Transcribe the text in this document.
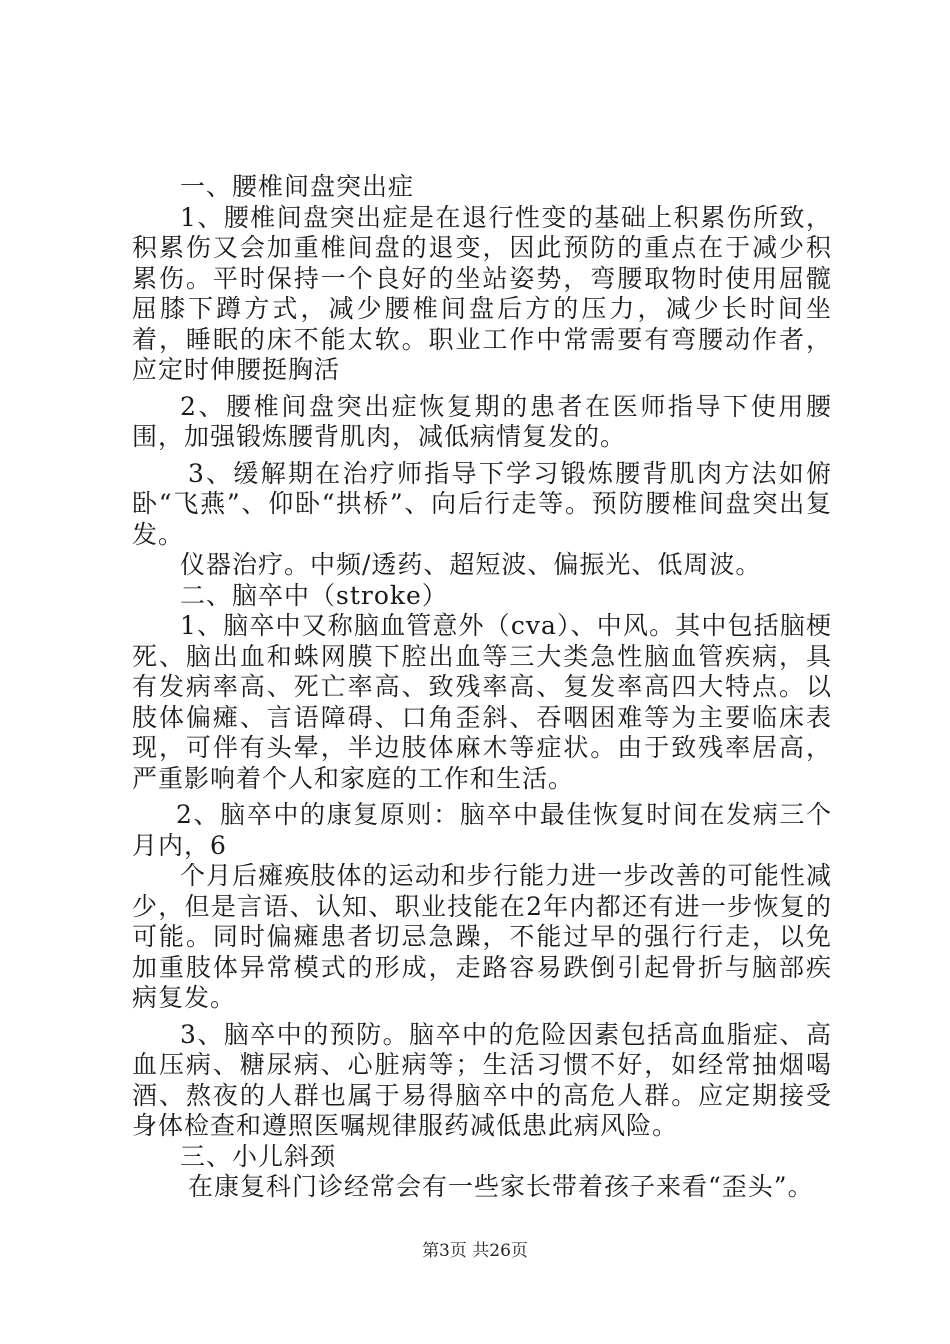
一、腰椎间盘突出症

1、腰椎间盘突出症是在退行性变的基础上积累伤所致，积累伤又会加重椎间盘的退变，因此预防的重点在于减少积累伤。平时保持一个良好的坐站姿势，弯腰取物时使用屈髋屈膝下蹲方式，减少腰椎间盘后方的压力，减少长时间坐着，睡眠的床不能太软。职业工作中常需要有弯腰动作者，应定时伸腰挺胸活

2、腰椎间盘突出症恢复期的患者在医师指导下使用腰围，加强锻炼腰背肌肉，减低病情复发的。

3、缓解期在治疗师指导下学习锻炼腰背肌肉方法如俯卧“飞燕”、仰卧“拱桥”、向后行走等。预防腰椎间盘突出复发。

仪器治疗。中频/透药、超短波、偏振光、低周波。

二、脑卒中（stroke）

1、脑卒中又称脑血管意外（cva）、中风。其中包括脑梗死、脑出血和蛛网膜下腔出血等三大类急性脑血管疾病，具有发病率高、死亡率高、致残率高、复发率高四大特点。以肢体偏瘫、言语障碍、口角歪斜、吞咽困难等为主要临床表现，可伴有头晕，半边肢体麻木等症状。由于致残率居高，严重影响着个人和家庭的工作和生活。

2、脑卒中的康复原则：脑卒中最佳恢复时间在发病三个月内，6

个月后瘫痪肢体的运动和步行能力进一步改善的可能性减少，但是言语、认知、职业技能在2年内都还有进一步恢复的可能。同时偏瘫患者切忌急躁，不能过早的强行行走，以免加重肢体异常模式的形成，走路容易跌倒引起骨折与脑部疾病复发。

3、脑卒中的预防。脑卒中的危险因素包括高血脂症、高血压病、糖尿病、心脏病等；生活习惯不好，如经常抽烟喝酒、熬夜的人群也属于易得脑卒中的高危人群。应定期接受身体检查和遵照医嘱规律服药减低患此病风险。

三、小儿斜颈

在康复科门诊经常会有一些家长带着孩子来看“歪头”。

第3页 共26页
